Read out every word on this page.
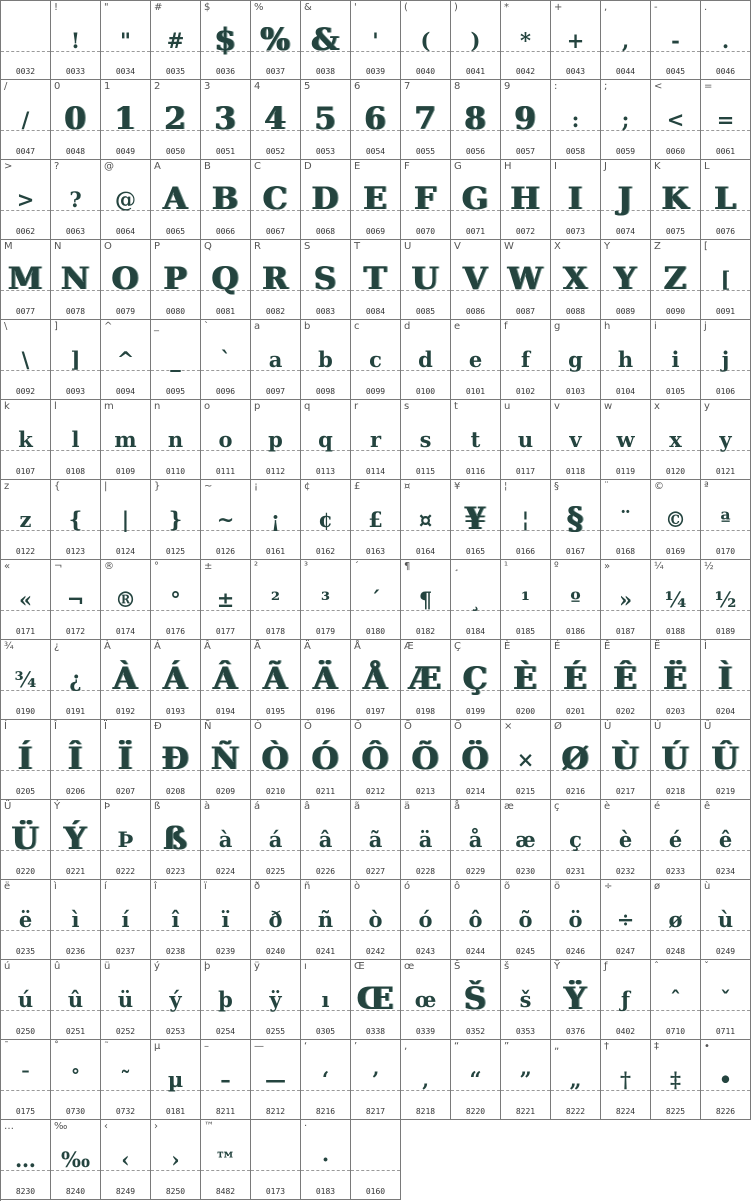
0032
!
!
0033
"
"
0034
#
#
0035
$
$
0036
%
%
0037
&
&
0038
'
'
0039
(
(
0040
)
)
0041
*
*
0042
+
+
0043
,
,
0044
-
-
0045
.
.
0046
/
/
0047
0
0
0048
1
1
0049
2
2
0050
3
3
0051
4
4
0052
5
5
0053
6
6
0054
7
7
0055
8
8
0056
9
9
0057
:
:
0058
;
;
0059
<
<
0060
=
=
0061
>
>
0062
?
?
0063
@
@
0064
A
A
0065
B
B
0066
C
C
0067
D
D
0068
E
E
0069
F
F
0070
G
G
0071
H
H
0072
I
I
0073
J
J
0074
K
K
0075
L
L
0076
M
M
0077
N
N
0078
O
O
0079
P
P
0080
Q
Q
0081
R
R
0082
S
S
0083
T
T
0084
U
U
0085
V
V
0086
W
W
0087
X
X
0088
Y
Y
0089
Z
Z
0090
[
[
0091
\
\
0092
]
]
0093
^
^
0094
_
_
0095
`
`
0096
a
a
0097
b
b
0098
c
c
0099
d
d
0100
e
e
0101
f
f
0102
g
g
0103
h
h
0104
i
i
0105
j
j
0106
k
k
0107
l
l
0108
m
m
0109
n
n
0110
o
o
0111
p
p
0112
q
q
0113
r
r
0114
s
s
0115
t
t
0116
u
u
0117
v
v
0118
w
w
0119
x
x
0120
y
y
0121
z
z
0122
{
{
0123
|
|
0124
}
}
0125
~
~
0126
¡
¡
0161
¢
¢
0162
£
£
0163
¤
¤
0164
¥
¥
0165
¦
¦
0166
§
§
0167
¨
¨
0168
©
©
0169
ª
ª
0170
«
«
0171
¬
¬
0172
®
®
0174
°
°
0176
±
±
0177
²
²
0178
³
³
0179
´
´
0180
¶
¶
0182
¸
¸
0184
¹
¹
0185
º
º
0186
»
»
0187
¼
¼
0188
½
½
0189
¾
¾
0190
¿
¿
0191
À
À
0192
Á
Á
0193
Â
Â
0194
Ã
Ã
0195
Ä
Ä
0196
Å
Å
0197
Æ
Æ
0198
Ç
Ç
0199
È
È
0200
É
É
0201
Ê
Ê
0202
Ë
Ë
0203
Ì
Ì
0204
Í
Í
0205
Î
Î
0206
Ï
Ï
0207
Ð
Ð
0208
Ñ
Ñ
0209
Ò
Ò
0210
Ó
Ó
0211
Ô
Ô
0212
Õ
Õ
0213
Ö
Ö
0214
×
×
0215
Ø
Ø
0216
Ù
Ù
0217
Ú
Ú
0218
Û
Û
0219
Ü
Ü
0220
Ý
Ý
0221
Þ
Þ
0222
ß
ß
0223
à
à
0224
á
á
0225
â
â
0226
ã
ã
0227
ä
ä
0228
å
å
0229
æ
æ
0230
ç
ç
0231
è
è
0232
é
é
0233
ê
ê
0234
ë
ë
0235
ì
ì
0236
í
í
0237
î
î
0238
ï
ï
0239
ð
ð
0240
ñ
ñ
0241
ò
ò
0242
ó
ó
0243
ô
ô
0244
õ
õ
0245
ö
ö
0246
÷
÷
0247
ø
ø
0248
ù
ù
0249
ú
ú
0250
û
û
0251
ü
ü
0252
ý
ý
0253
þ
þ
0254
ÿ
ÿ
0255
ı
ı
0305
Œ
Œ
0338
œ
œ
0339
Š
Š
0352
š
š
0353
Ÿ
Ÿ
0376
ƒ
ƒ
0402
ˆ
ˆ
0710
ˇ
ˇ
0711
¯
¯
0175
˚
˚
0730
˜
˜
0732
µ
µ
0181
–
–
8211
—
—
8212
‘
‘
8216
’
’
8217
‚
‚
8218
“
“
8220
”
”
8221
„
„
8222
†
†
8224
‡
‡
8225
•
•
8226
…
…
8230
‰
‰
8240
‹
‹
8249
›
›
8250
™
™
8482	0173
·
·
0183	0160
